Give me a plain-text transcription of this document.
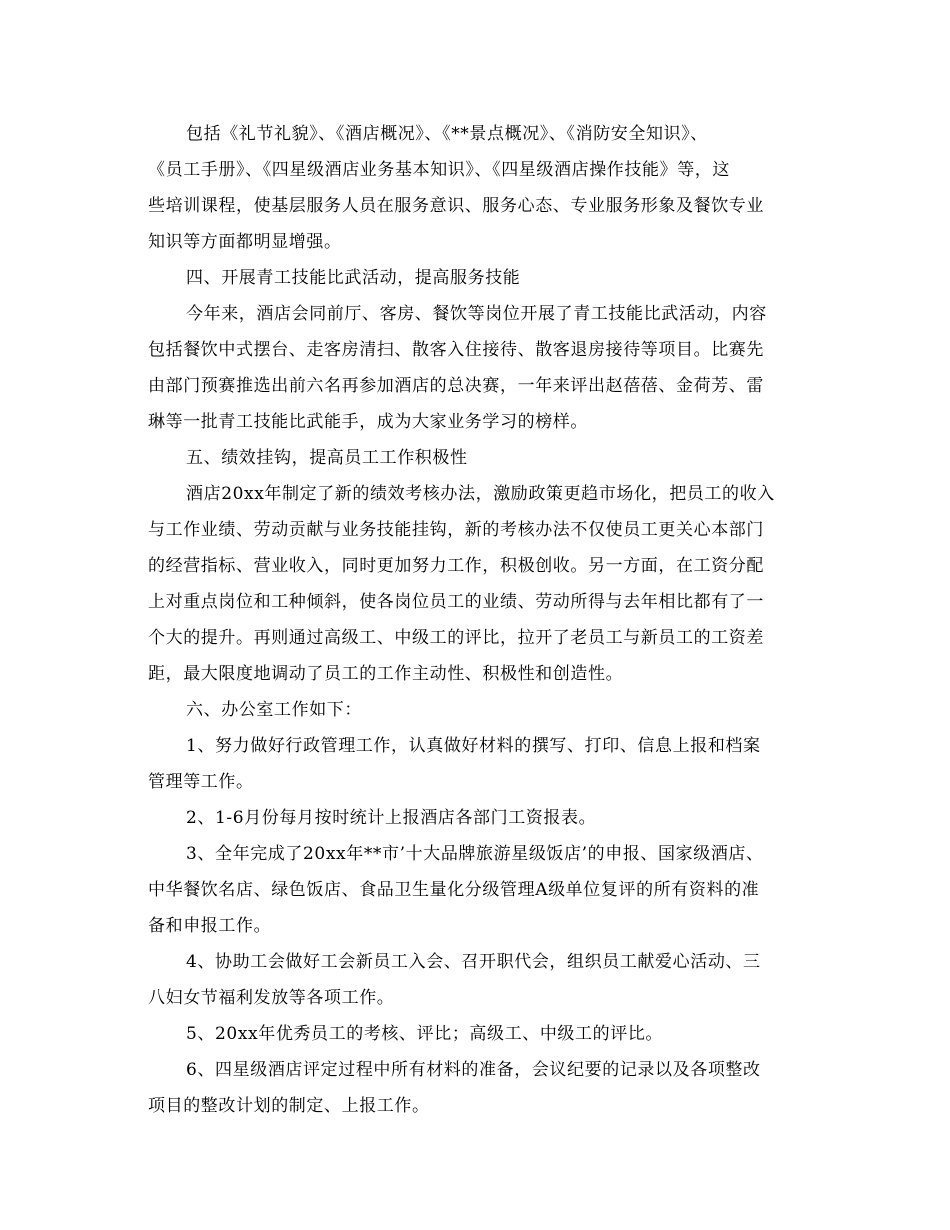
包括《礼节礼貌》、《酒店概况》、《**景点概况》、《消防安全知识》、
《员工手册》、《四星级酒店业务基本知识》、《四星级酒店操作技能》等，这
些培训课程，使基层服务人员在服务意识、服务心态、专业服务形象及餐饮专业
知识等方面都明显增强。
四、开展青工技能比武活动，提高服务技能
今年来，酒店会同前厅、客房、餐饮等岗位开展了青工技能比武活动，内容
包括餐饮中式摆台、走客房清扫、散客入住接待、散客退房接待等项目。比赛先
由部门预赛推选出前六名再参加酒店的总决赛，一年来评出赵蓓蓓、金荷芳、雷
琳等一批青工技能比武能手，成为大家业务学习的榜样。
五、绩效挂钩，提高员工工作积极性
酒店20xx年制定了新的绩效考核办法，激励政策更趋市场化，把员工的收入
与工作业绩、劳动贡献与业务技能挂钩，新的考核办法不仅使员工更关心本部门
的经营指标、营业收入，同时更加努力工作，积极创收。另一方面，在工资分配
上对重点岗位和工种倾斜，使各岗位员工的业绩、劳动所得与去年相比都有了一
个大的提升。再则通过高级工、中级工的评比，拉开了老员工与新员工的工资差
距，最大限度地调动了员工的工作主动性、积极性和创造性。
六、办公室工作如下：
1、努力做好行政管理工作，认真做好材料的撰写、打印、信息上报和档案
管理等工作。
2、1-6月份每月按时统计上报酒店各部门工资报表。
3、全年完成了20xx年**市’十大品牌旅游星级饭店’的申报、国家级酒店、
中华餐饮名店、绿色饭店、食品卫生量化分级管理A级单位复评的所有资料的准
备和申报工作。
4、协助工会做好工会新员工入会、召开职代会，组织员工献爱心活动、三
八妇女节福利发放等各项工作。
5、20xx年优秀员工的考核、评比；高级工、中级工的评比。
6、四星级酒店评定过程中所有材料的准备，会议纪要的记录以及各项整改
项目的整改计划的制定、上报工作。
